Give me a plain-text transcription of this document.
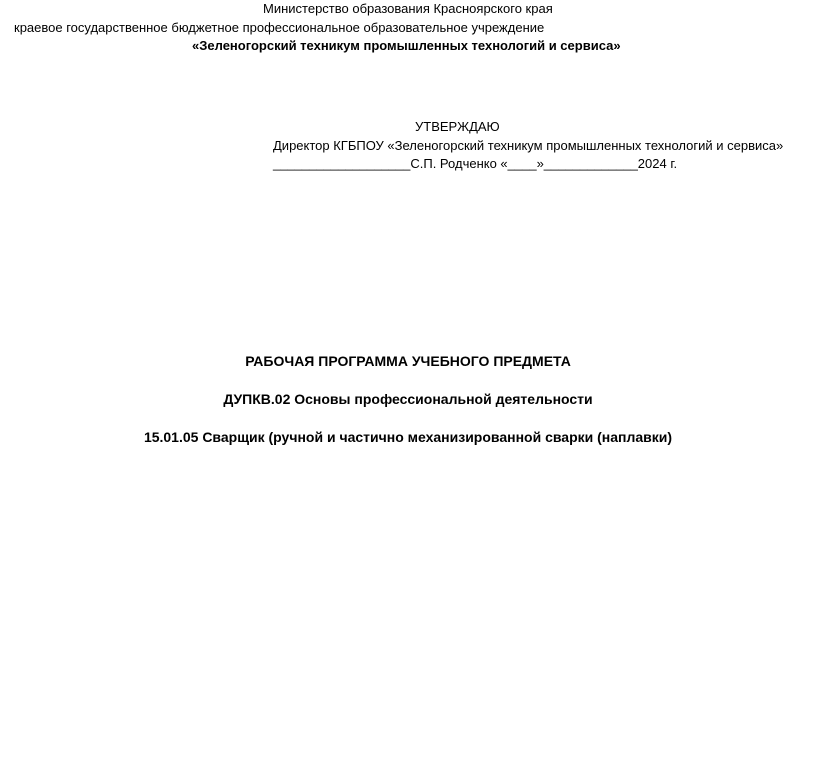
Министерство образования Красноярского края
краевое государственное бюджетное профессиональное образовательное учреждение
«Зеленогорский техникум промышленных технологий и сервиса»
УТВЕРЖДАЮ
Директор КГБПОУ «Зеленогорский техникум промышленных технологий и сервиса»
___________________С.П. Родченко «____»_____________2024 г.
РАБОЧАЯ ПРОГРАММА УЧЕБНОГО ПРЕДМЕТА
ДУПКВ.02 Основы профессиональной деятельности
15.01.05 Сварщик (ручной и частично механизированной сварки (наплавки)
